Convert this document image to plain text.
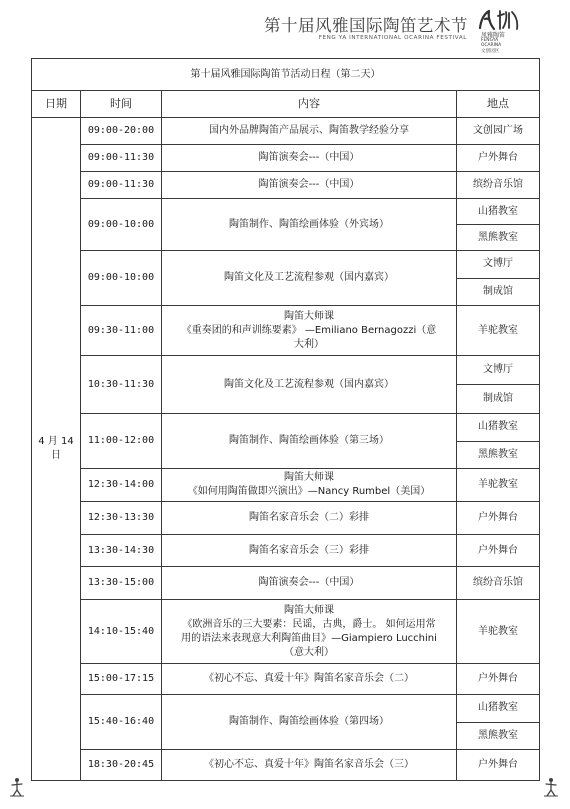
第十届风雅国际陶笛艺术节
FENG YA INTERNATIONAL OCARINA FESTIVAL 凤雅陶笛
FENGYA
OCARINA
文创园区
第十届风雅国际陶笛节活动日程（第二天）			
日期	时间	内容	地点
4 月 14 日	09:00-20:00	国内外品牌陶笛产品展示、陶笛教学经验分享	文创园广场
	09:00-11:30	陶笛演奏会---（中国）	户外舞台
	09:00-11:30	陶笛演奏会---（中国）	缤纷音乐馆
	09:00-10:00	陶笛制作、陶笛绘画体验（外宾场）	山猪教室
			黑熊教室
	09:00-10:00	陶笛文化及工艺流程参观（国内嘉宾）	文博厅
			制成馆
	09:30-11:00	陶笛大师课
《重奏团的和声训练要素》 —Emiliano Bernagozzi（意
大利）	羊驼教室
	10:30-11:30	陶笛文化及工艺流程参观（国内嘉宾）	文博厅
			制成馆
	11:00-12:00	陶笛制作、陶笛绘画体验（第三场）	山猪教室
			黑熊教室
	12:30-14:00	陶笛大师课
《如何用陶笛做即兴演出》—Nancy Rumbel（美国）	羊驼教室
	12:30-13:30	陶笛名家音乐会（二）彩排	户外舞台
	13:30-14:30	陶笛名家音乐会（三）彩排	户外舞台
	13:30-15:00	陶笛演奏会---（中国）	缤纷音乐馆
	14:10-15:40	陶笛大师课
《欧洲音乐的三大要素：民谣，古典，爵士。 如何运用常
用的语法来表现意大利陶笛曲目》—Giampiero Lucchini
（意大利）	羊驼教室
	15:00-17:15	《初心不忘、真爱十年》陶笛名家音乐会（二）	户外舞台
	15:40-16:40	陶笛制作、陶笛绘画体验（第四场）	山猪教室
			黑熊教室
	18:30-20:45	《初心不忘、真爱十年》陶笛名家音乐会（三）	户外舞台
